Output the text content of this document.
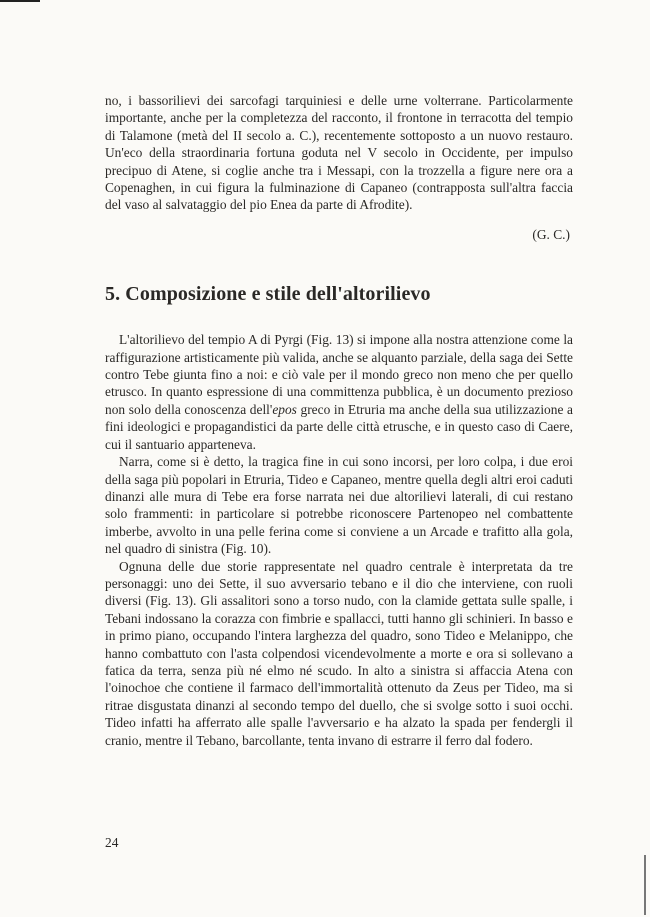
no, i bassorilievi dei sarcofagi tarquiniesi e delle urne volterrane. Particolarmente importante, anche per la completezza del racconto, il frontone in terracotta del tempio di Talamone (metà del II secolo a. C.), recentemente sottoposto a un nuovo restauro. Un'eco della straordinaria fortuna goduta nel V secolo in Occidente, per impulso precipuo di Atene, si coglie anche tra i Messapi, con la trozzella a figure nere ora a Copenaghen, in cui figura la fulminazione di Capaneo (contrapposta sull'altra faccia del vaso al salvataggio del pio Enea da parte di Afrodite).

(G. C.)
5. Composizione e stile dell'altorilievo

L'altorilievo del tempio A di Pyrgi (Fig. 13) si impone alla nostra attenzione come la raffigurazione artisticamente più valida, anche se alquanto parziale, della saga dei Sette contro Tebe giunta fino a noi: e ciò vale per il mondo greco non meno che per quello etrusco. In quanto espressione di una committenza pubblica, è un documento prezioso non solo della conoscenza dell'epos greco in Etruria ma anche della sua utilizzazione a fini ideologici e propagandistici da parte delle città etrusche, e in questo caso di Caere, cui il santuario apparteneva.

Narra, come si è detto, la tragica fine in cui sono incorsi, per loro colpa, i due eroi della saga più popolari in Etruria, Tideo e Capaneo, mentre quella degli altri eroi caduti dinanzi alle mura di Tebe era forse narrata nei due altorilievi laterali, di cui restano solo frammenti: in particolare si potrebbe riconoscere Partenopeo nel combattente imberbe, avvolto in una pelle ferina come si conviene a un Arcade e trafitto alla gola, nel quadro di sinistra (Fig. 10).

Ognuna delle due storie rappresentate nel quadro centrale è interpretata da tre personaggi: uno dei Sette, il suo avversario tebano e il dio che interviene, con ruoli diversi (Fig. 13). Gli assalitori sono a torso nudo, con la clamide gettata sulle spalle, i Tebani indossano la corazza con fimbrie e spallacci, tutti hanno gli schinieri. In basso e in primo piano, occupando l'intera larghezza del quadro, sono Tideo e Melanippo, che hanno combattuto con l'asta colpendosi vicendevolmente a morte e ora si sollevano a fatica da terra, senza più né elmo né scudo. In alto a sinistra si affaccia Atena con l'oinochoe che contiene il farmaco dell'immortalità ottenuto da Zeus per Tideo, ma si ritrae disgustata dinanzi al secondo tempo del duello, che si svolge sotto i suoi occhi. Tideo infatti ha afferrato alle spalle l'avversario e ha alzato la spada per fendergli il cranio, mentre il Tebano, barcollante, tenta invano di estrarre il ferro dal fodero.

24
